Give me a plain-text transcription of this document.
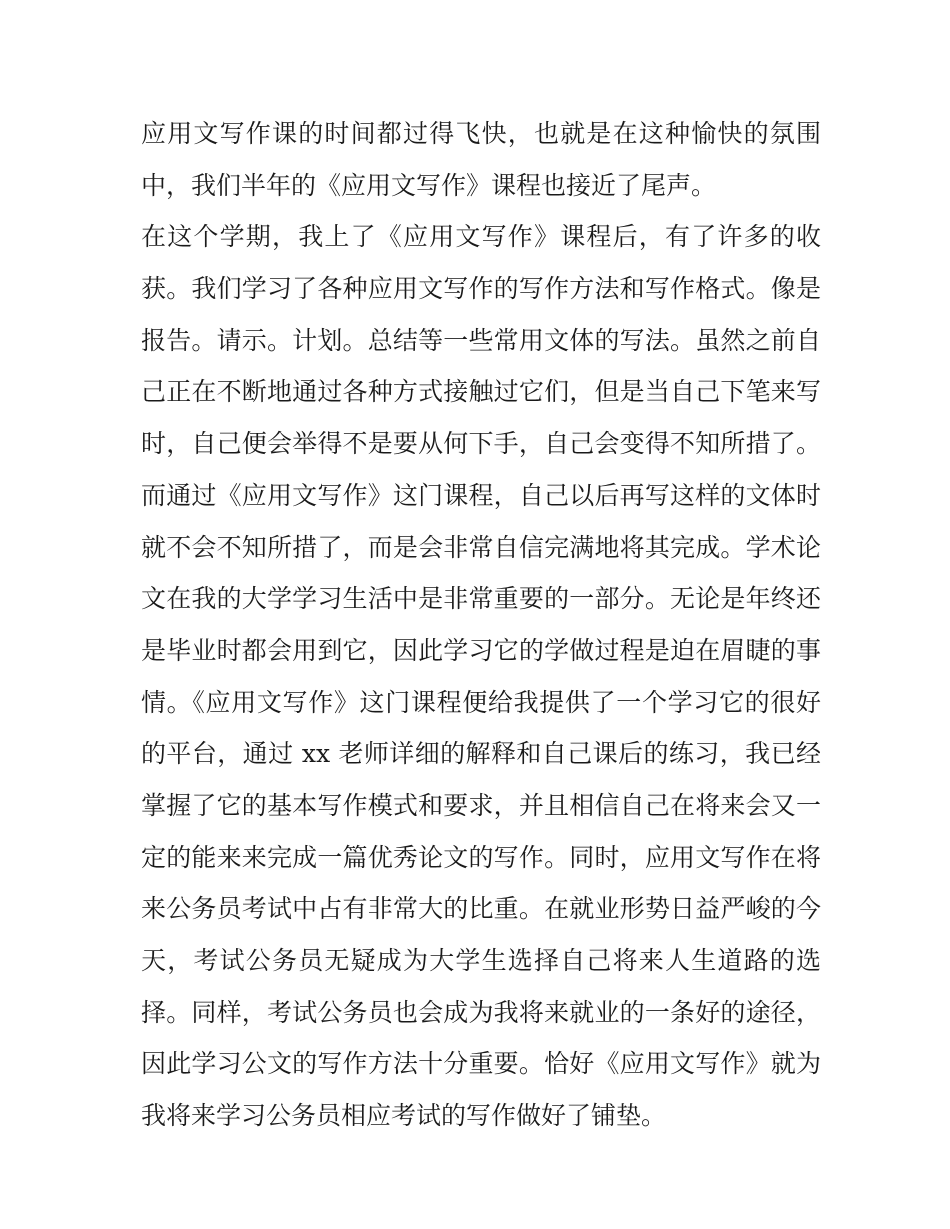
应用文写作课的时间都过得飞快，也就是在这种愉快的氛围
中，我们半年的《应用文写作》课程也接近了尾声。
在这个学期，我上了《应用文写作》课程后，有了许多的收
获。我们学习了各种应用文写作的写作方法和写作格式。像是
报告。请示。计划。总结等一些常用文体的写法。虽然之前自
己正在不断地通过各种方式接触过它们，但是当自己下笔来写
时，自己便会举得不是要从何下手，自己会变得不知所措了。
而通过《应用文写作》这门课程，自己以后再写这样的文体时
就不会不知所措了，而是会非常自信完满地将其完成。学术论
文在我的大学学习生活中是非常重要的一部分。无论是年终还
是毕业时都会用到它，因此学习它的学做过程是迫在眉睫的事
情。《应用文写作》这门课程便给我提供了一个学习它的很好
的平台，通过 xx 老师详细的解释和自己课后的练习，我已经
掌握了它的基本写作模式和要求，并且相信自己在将来会又一
定的能来来完成一篇优秀论文的写作。同时，应用文写作在将
来公务员考试中占有非常大的比重。在就业形势日益严峻的今
天，考试公务员无疑成为大学生选择自己将来人生道路的选
择。同样，考试公务员也会成为我将来就业的一条好的途径，
因此学习公文的写作方法十分重要。恰好《应用文写作》就为
我将来学习公务员相应考试的写作做好了铺垫。
